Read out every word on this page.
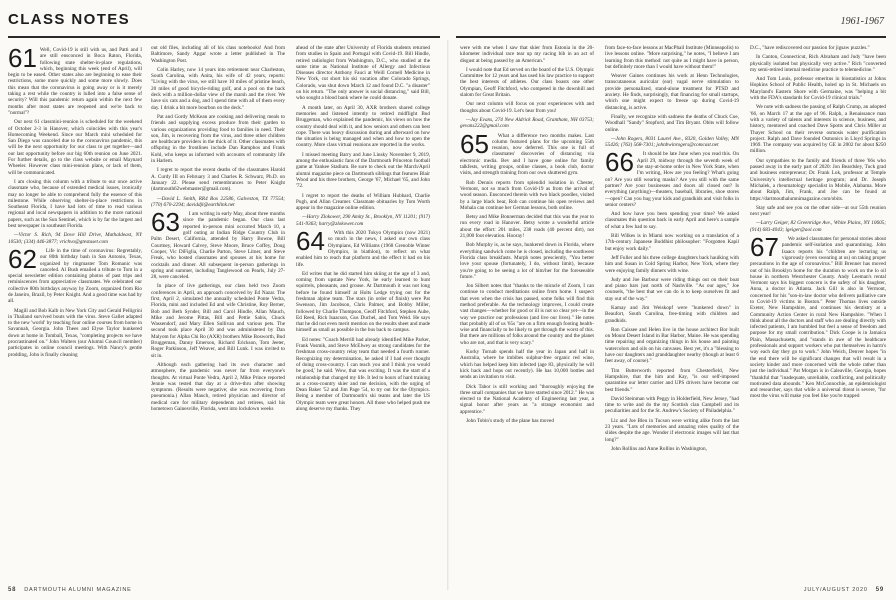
CLASS NOTES	1961-1967

61 Well, Covid-19 is still with us, and Patti and I are still ensconced in Boca Raton, Florida, following state shelter-in-place regulations, which, beginning this week (end of April), will begin to be eased. Other states also are beginning to ease their restrictions, some more quickly and some more slowly. Does this mean that the coronavirus is going away or is it merely taking a rest while the country is lulled into a false sense of security? Will this pandemic return again within the next few months after most states are reopened and we're back to "normal"?

Our next 61 classmini-reunion is scheduled for the weekend of October 2-3 in Hanover, which coincides with this year's Homecoming Weekend. Since our March mini scheduled for San Diego was canceled due to the coronavirus pandemic, this will be the next opportunity for our class to get together—and our last opportunity before our big 60th reunion on June 2021. For further details, go to the class website or email Maynard Wheeler. However class mini-reunion plans, or lack of them, will be communicated.

I am closing this column with a tribute to our once active classmate who, because of extended medical issues, ironically may no longer be able to comprehend fully the essence of this milestone. While observing shelter-in-place restrictions in Southeast Florida, I have had lots of time to read various regional and local newspapers in addition to the more national papers, such as the Sun Sentinel, which is by far the largest and best newspaper in southeast Florida.

—Victor S. Rich, 94 Dove Hill Drive, Mathaldeast, NY 10530; (334) 446-3877; vrichvo@gtestuset.com

62 Life in the time of coronavirus: Regrettably, our 80th birthday bash in San Antonio, Texas, organized by ringmaster Tom Romanic was canceled. Al Bush emailed a tribute to Tom in a special newsletter edition containing photos of past trips and reminiscences from appreciative classmates. We celebrated our collective 80th birthdays anyway by Zoom, organized from Rio de Janeiro, Brazil, by Peter Knight. And a good time was had by all.

Magill and Bob Kalb in New York City and Gerald Pelligrini in Thailand survived bouts with the virus. Steve Gallet adapted to the new 'world' by teaching four online courses from home in Savannah, Georgia. John Thees and Elyse Taylor hunkered down at home in Tomball, Texas, "completing projects we have procrastinated on." John Walters (our Alumni Council member) participates in online council meetings. With Nancy's gentle prodding, John is finally cleaning

out old files, including all of his class notebooks! And from Baltimore, Sandy Apgar wrote a letter published in The Washington Post.

Colin Harley, now 14 years into retirement near Charleston, South Carolina, with Anita, his wife of 42 years, reports: "Living with the virus, we still have 10 miles of pristine beach, 20 miles of good bicycle-riding golf, and a pool on the back deck with a million-dollar view of the marsh and the river. We have six cats and a dog, and I spend time with all of them every day. I drink a bit more bourbon on the deck."

Pat and Gordy McKean are cooking and delivering meals to friends and supplying excess produce from their garden to various organizations providing food to families in need. Their son, Jim, is recovering from the virus, and three other children are healthcare providers in the thick of it. Other classmates with offspring in the frontlines include Dan Ramphos and Frank Kohl, who keeps us informed with accounts of community life in Harlem.

I regret to report the recent deaths of the classmates Harold A. Curdy III on February 3 and Charles R. Schwarz, Ph.D. on January 22. Please send remembrances to Peter Knight (dartmouth62webmaster@gmail.com).

—David L. Smith, RR4 Box 22586, Galveston, TX 77554; (770) 670-2294; daviddjl@earthlink.net

63 I am writing in early May, about three months since the pandemic began. Our class last reported in-person mini occurred March 10, a golf outing at Indian Ridge Country Club in Palm Desert, California, attended by Harry Bowne, Bill Courtney, Howard Calvey, Steve Moore, Bruce Coffey, Doug Cooper, Vic DiFiglia, Charlie Parton, Steve Litner, and Steve Freak, who hosted classmates and spouses at his home for cocktails and dinner. All subsequent in-person gatherings in spring and summer, including Tanglewood on Pearls, July 27-28, were canceled.

In place of live gatherings, our class held two Zoom conferences in April, an approach conceived by Ed Nazar. The first, April 2, simulated the annually scheduled Ponte Vedra, Florida, mini and included Ed and wife Christine, Roy Berner, Bob and Beth Synder, Bill and Carol Hindle, Allan Mauch, Mike and Jerome Pittas, Bill and Pettie Sabis, Chuck Wassendorf, and Mary Ellen Sullivan and various pets. The second took place April 30 and was administered by Dan Malyom for Alpha Chi Ro (AXR) brothers Mike Bosworth, Bud Bruggeman, Danny Emerson, Richard Erickson, Tom Jeeter, Roger Parkinson, Jeff Weaver, and Bill Lunk. I was invited to sit in.

Although each gathering had its own character and atmosphere, the pandemic was never far from everyone's thoughts. At virtual Ponte Vedra, April 2, Mike Prince reported Jennie was tested that day at a drive-thru after showing symptoms. (Results were negative; she was recovering from pneumonia.) Allan Mauch, retired physician and director of medical care for military dependents and retirees, said his hometown Gainesville, Florida, went into lockdown weeks

ahead of the state after University of Florida students returned from studies in Spain and Portugal with Covid-19. Bill Hindle, retired radiologist from Washington, D.C., who studied at the same time as National Institute of Allergy and Infectious Diseases director Anthony Fauci at Weill Cornell Medicine in New York, cut short his ski vacation after Colorado Springs, Colorado, was shut down March 12 and found D.C. "a disaster" on his return. "The only answer is social distancing," said Bill, who sought a blood bank where he could donate.

A month later, on April 30, AXR brothers shared college memories and listened intently to retired midflight Bud Bruggeman, who explained the pandemic, his views on how the country should deal with it, and how seniors and others can best cope. There was heavy discussion during and afterward on how the situation is being managed and when and how to open the country. More class virtual reunions are reported in the works.

I missed meeting Barry and June Linsky November 9, 2019, among the enthusiastic fans of the Dartmouth Princeton football game at Yankee Stadium. Be sure to check out the March/April alumni magazine piece on Dartmouth siblings that features Blair Wood and his three brothers, George '67, Michael '65, and John '72.

I regret to report the deaths of William Hubbard, Charlie Pugh, and Allan Creamer. Classmate obituaries by Tom Worth appear in the magazine online edition.

—Harry Zlokower, 290 Amity St., Brooklyn, NY 11201; (917) 541-9363; harry@zlokower.com

64 With this 2020 Tokyo Olympics (now 2021) so much in the news, I asked our own class Olympians, Ed Williams (1968 Grenoble Winter Olympics, in biathlon), to reflect on what enabled him to reach that platform and the effect it had on his life.

Ed writes that he did started him skiing at the age of 3 and, coming from upstate New York, he early learned to hunt squirrels, pheasants, and grouse. At Dartmouth it was not long before he found himself at Holts Ledge trying out for the freshman alpine team. The stars (in order of finish) were Pat Swenson, Jim Jacobson, Chris Palmer, and Bobby Miller, followed by Charlie Thompson, Geoff Fitchford, Stephen Aube, Ed Reed, Rick Isaacson, Gus Duchel, and Tom Weid. He says that he did not even merit mention on the results sheet and made himself as small as possible in the bus back to campus.

Ed notes: "Coach Merrill had already identified Mike Parker, Frank Vosmik, and Steve McElwey as strong candidates for the freshman cross-country relay team that needed a fourth runner. Recognizing my determination, he asked if I had ever thought of doing cross-country. I can teach you and I think you would be good,' he said. Wow, that was exciting. It was the start of a relationship that changed my life. It led to hours of hard training as a cross-country skier and me decision, with the urging of Dean Baker '52 and Jim Page '54, to try out for the Olympics. Being a member of Dartmouth's ski teams and later the US Olympic team were great honors. All those who helped push me along deserve my thanks. They

were with me when I saw that skier from Estonia in the 20-kilometer individual race tear up my racing bib in an act of disgust at being passed by an American."

I would note that Ed served on the board of the U.S. Olympic Committee for 12 years and has used his law practice to support the best interests of athletes. Our class boasts one other Olympian, Geoff Fitchford, who competed in the downhill and slalom for Great Britain.

Our next column will focus on your experiences with and thoughts about Covid-19. Let's hear from you!

—Jay Evans, 274 New Aldrick Road, Grantham, NH 03753; gevans222@gmail.com

65 What a difference two months makes. Last column featured plans for the upcoming 55th reunion, now deferred. This one is full of classmates' discoveries of distancing via electronic media. Bev and I have gone online for family talkfests, writing groups, online classes, a book club, doctor visits, and strength training from our own shuttered gym.

Rob Dennis reports from splendid isolation in Chester, Vermont, not so much from Covid-19 as from the arrival of wood season. Ensconced therein with two black poodles, visited by a large black bear, Rob can continue his open reviews and Mohala can continue her German lessons, both online.

Betsy and Mike Bonnerman decided that this was the year to run every road in Hanover. Betsy wrote a wonderful article about the effort: 201 miles, 238 roads (40 percent dirt), not 21,000 foot elevation. Hooray!

Bob Murphy is, as he says, hunkered down in Florida, where everything sandwich come he is closed, including the southwest Florida class breakfasts. Murph notes presciently, "You better love your spouse (fortunately, I do, without limit), because you're going to be seeing a lot of him/her for the foreseeable future."

Jon Silbert notes that "thanks to the miracle of Zoom, I can continue to conduct meditations online from home. I suspect that even when the crisis has passed, some folks will find this method preferable. As the technology improves, I could create vast changes—whether for good or ill is not so clear yet—in the way we practice our professions (and live our lives)." He notes that probably all of us '65s "are on a firm enough footing health-wise and financially to be likely to get through the worst of this. But there are millions of folks around the country and the planet who are not, and that is very scary."

Korky Tornab spends half the year in Japan and half in Australia, where he imbibes sulphur-free organic red wine, which has helped keep him infected (age 83, physically he will kick back and hops out recently). He has 10,000 bottles and sends an invitation to visit.

Dick Tabor is still working and "thoroughly enjoying the three small companies that we have started since 2012." He was elected to the National Academy of Engineering last year, a signal honor after years as "a strange economist and apprentice."

John Tobin's study of the plane has moved

from face-to-face lessons at MacPhail Institute (Minneapolis) to live lessons online. "More surprising," he notes, "I believe I am learning from this method: not quite as I might have in person, but definitely more than I would have without them!"

Weaver Gaines continues his work at Henn Technologies, transcutaneous auricular (ear) vagal nerve stimulation to provide personalized, stand-alone treatment for PTSD and anxiety. He finds, surprisingly, that financing for small startups, which one might expect to freeze up during Covid-19 distancing, is active.

Finally, we recognize with sadness the deaths of Chuck Coe, Woodhall "Sandy" Stopford, and Tim Bryant. Obits will follow online.

—John Rogers, 8031 Laurel Ave., 8320, Golden Valley, MN 55426; (763) 568-7301; johnbwinrogers@comcast.net

66 It should be late June when you read this. On April 29, midway through the seventh week of the stay-at-home order in New York State, when I'm writing, How are you feeling? What's going on? Are you still wearing masks? Are you still with the same partner? Are your businesses and doors all closed out? Is everything (anything)—theaters, baseball, libraries, shoe stores—open? Can you hug your kids and grandkids and visit folks in senior centers?

And how have you been spending your time? We asked classmates this question back in early April and here's a sample of what a few had to say.

Bill Wilkes is in Miami now working on a translation of a 17th-century Japanese Buddhist philosopher: "Forgotten Kapil but enjoy work daily."

Jeff Fuller and his three college daughters back haulking with him and Susan in Cold Spring Harbor, New York, where they were enjoying family dinners with wine.

Judy and Joe Barbour were riding things out on their boat and piano bars just north of Nashville. "As our ages," Joe counsels, "the best that we can do is to keep ourselves fit and stay out of the way."

Kamay and Jim Weiskopf were "hunkered down" in Beaufort, South Carolina, free-timing with children and grandkids.

Ron Caissee and Helen live in the house architect Bor built on Mount Desert Island in Bar Harbor, Maine. He was spending time repairing and organizing things in his house and painting watercolors and oils on his canvases. Best yet, it's a "blessing to have our daughters and granddaughter nearby (though at least 6 feet away, of course)."

Tim Butterworth reported from Chesterfield, New Hampshire, that the him and Kay, "is our self-imposed quarantine our letter carrier and UPS drivers have become our best friends."

David Steinman with Peggy in Holderfield, New Jersey, "had time to write and do the my Scottish clan Campbell and its peculiarities and for the St. Andrew's Society of Philadelphia."

Liz and Joe Bleu in Tucson were writing alike from the last 23 years. "Lots of memories and amazing roles quality of the slides despite the age. Wonder if electronic images will last that long?"

John Rollins and Anne Rollins in Washington,

D.C., "have rediscovered our passion for jigsaw puzzles."

In Canton, Connecticut, Rich Abraham and Judy "have been physically isolated but physically very active." Rich "converted my semi-retired internal medicine practice to telemedicine."

And Tom Louis, professor emeritus in biostatistics at Johns Hopkins School of Public Health, holed up in St. Michaels on Maryland's Eastern Shore with Germaine, was "helping a bit with the FDA's standards for Covid-19 clinical trials."

We note with sadness the passing of Ralph Crump, an adopted '66, on March 17 at the age of 96. Ralph, a Renaissance man with a variety of talents and interests in science, business, and history, mentored and coached Dave Spotts and Chris Miller at Thayer School on their reverse osmosis water purification project. Ralph and Dave founded Osmonics in Lloyd Springs in 1969. The company was acquired by GE in 2002 for about $250 million.

Our sympathies to the family and friends of three '66s who passed away in the early part of 2020: Jon Beardsley, Tuck grad and business entrepreneur; Dr. Frank Lok, professor at Temple University's intellectual heritage program; and Dr. Joseph Michalek, a rheumatology specialist in Mobile, Alabama. More about Ralph, Jim, Frank, and Joe can be found at https://dartmouthalumnimagazine.com/obits.

Stay safe and see you on the other side—at our 55th reunion next year!

—Larry Geiger, 82 Greenridge Ave., White Plains, NY 10605; (914) 683-4043; lgeiger@aol.com

67 We asked classmates for personal stories about pandemic self-isolation and quarantining. John Isaacs reports his "children are lecturing us vigorously (even swearing at us) on taking proper precautions in the age of coronavirus." Bill Brenner has moved out of his Brooklyn home for the duration to work on the lo oil house in northern Westchester County. Andy Leeman's rental Vermont says his biggest concern is the safety of his daughter, Anna, a doctor in Atlanta. Jack Gill is also in Vermont, concerned for his "son-in-law doctor who delivers palliative care to Covid-19 victims in Boston." Peter Thomas lives outside Exeter, New Hampshire, and continues his dentistry at a Community Action Center in rural New Hampshire. "When I think about all the doctors and staff who are dealing directly with infected patients, I am humbled but feel a sense of freedom and purpose for my small contribution." Dick Coope is in Jamaica Plain, Massachusetts, and "stands in awe of the healthcare professionals and support workers who put themselves in harm's way each day they go to work." John Weich, Denver hopes "in the end there will be significant changes that will result in a society kinder and more concerned with the whole rather than just the individual." Pat Morgan is in Caleaville, Georgia, hopes "thankful that "inadequate, unreliable, conflicting, and politically motivated data abounds." Ken McConnochie, an epidemiologist and researcher, says that while a universal threat is severe, "for most the virus will make you feel like you're trapped

58 DARTMOUTH ALUMNI MAGAZINE	JULY/AUGUST 2020 59
